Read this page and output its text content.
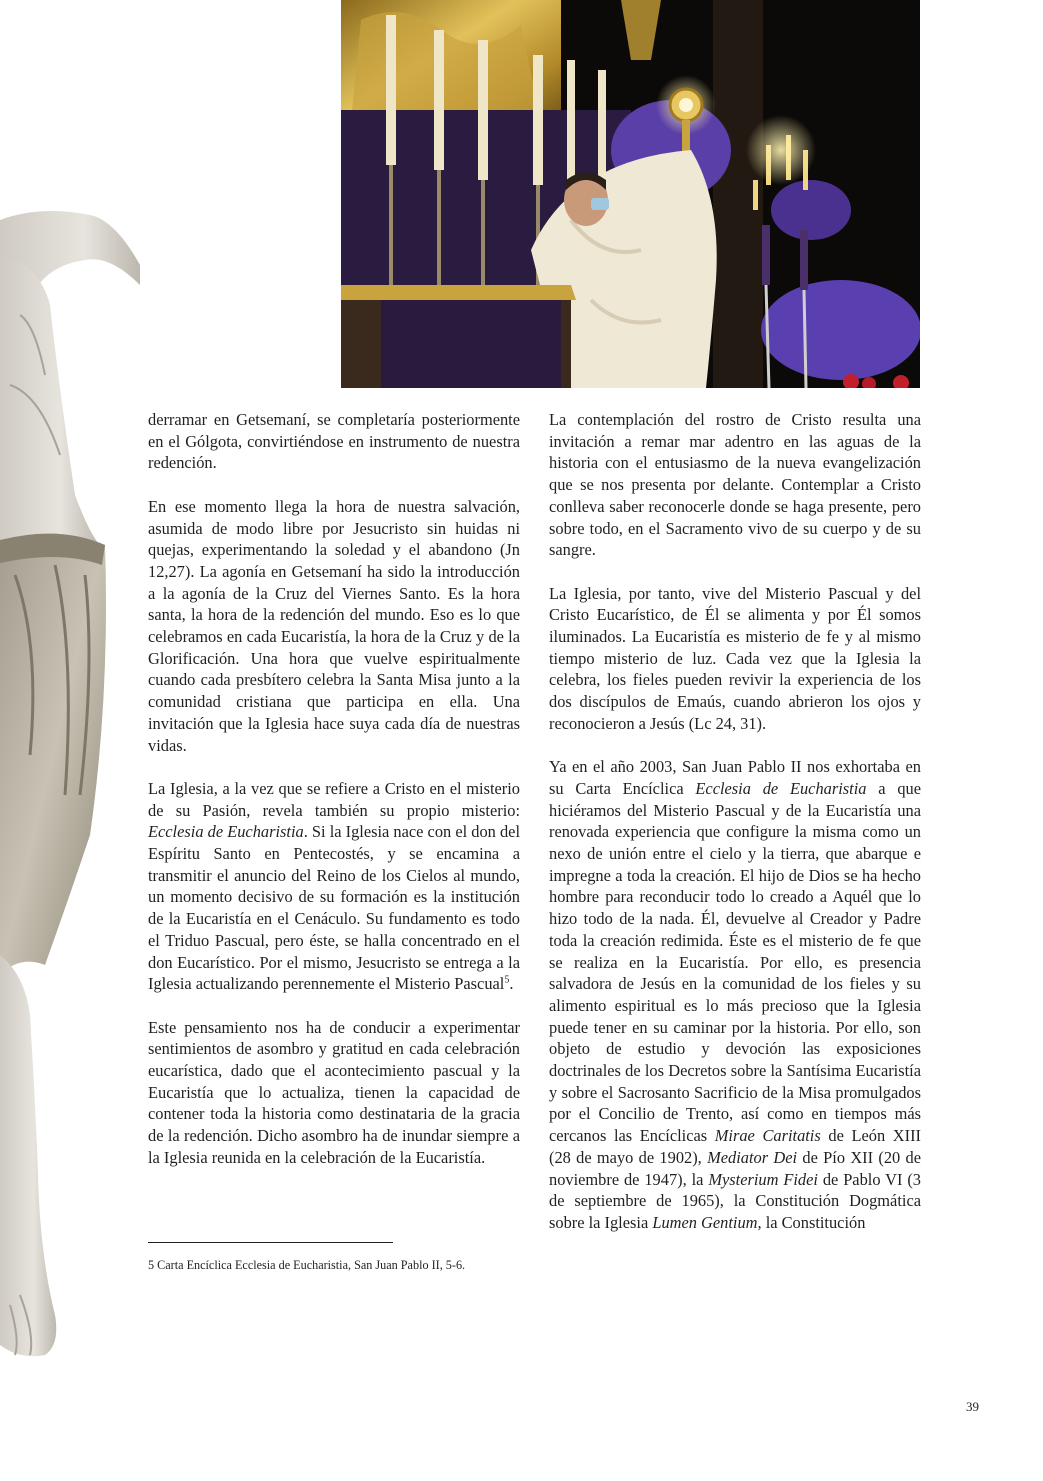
derramar en Getsemaní, se completaría posteriormente en el Gólgota, convirtiéndose en instrumento de nuestra redención.

En ese momento llega la hora de nuestra salvación, asumida de modo libre por Jesucristo sin huidas ni quejas, experimentando la soledad y el abandono (Jn 12,27). La agonía en Getsemaní ha sido la introducción a la agonía de la Cruz del Viernes Santo. Es la hora santa, la hora de la redención del mundo. Eso es lo que celebramos en cada Eucaristía, la hora de la Cruz y de la Glorificación. Una hora que vuelve espiritualmente cuando cada presbítero celebra la Santa Misa junto a la comunidad cristiana que participa en ella. Una invitación que la Iglesia hace suya cada día de nuestras vidas.

La Iglesia, a la vez que se refiere a Cristo en el misterio de su Pasión, revela también su propio misterio: Ecclesia de Eucharistia. Si la Iglesia nace con el don del Espíritu Santo en Pentecostés, y se encamina a transmitir el anuncio del Reino de los Cielos al mundo, un momento decisivo de su formación es la institución de la Eucaristía en el Cenáculo. Su fundamento es todo el Triduo Pascual, pero éste, se halla concentrado en el don Eucarístico. Por el mismo, Jesucristo se entrega a la Iglesia actualizando perennemente el Misterio Pascual$^5$.

Este pensamiento nos ha de conducir a experimentar sentimientos de asombro y gratitud en cada celebración eucarística, dado que el acontecimiento pascual y la Eucaristía que lo actualiza, tienen la capacidad de contener toda la historia como destinataria de la gracia de la redención. Dicho asombro ha de inundar siempre a la Iglesia reunida en la celebración de la Eucaristía.

La contemplación del rostro de Cristo resulta una invitación a remar mar adentro en las aguas de la historia con el entusiasmo de la nueva evangelización que se nos presenta por delante. Contemplar a Cristo conlleva saber reconocerle donde se haga presente, pero sobre todo, en el Sacramento vivo de su cuerpo y de su sangre.

La Iglesia, por tanto, vive del Misterio Pascual y del Cristo Eucarístico, de Él se alimenta y por Él somos iluminados. La Eucaristía es misterio de fe y al mismo tiempo misterio de luz. Cada vez que la Iglesia la celebra, los fieles pueden revivir la experiencia de los dos discípulos de Emaús, cuando abrieron los ojos y reconocieron a Jesús (Lc 24, 31).

Ya en el año 2003, San Juan Pablo II nos exhortaba en su Carta Encíclica Ecclesia de Eucharistia a que hiciéramos del Misterio Pascual y de la Eucaristía una renovada experiencia que configure la misma como un nexo de unión entre el cielo y la tierra, que abarque e impregne a toda la creación. El hijo de Dios se ha hecho hombre para reconducir todo lo creado a Aquél que lo hizo todo de la nada. Él, devuelve al Creador y Padre toda la creación redimida. Éste es el misterio de fe que se realiza en la Eucaristía. Por ello, es presencia salvadora de Jesús en la comunidad de los fieles y su alimento espiritual es lo más precioso que la Iglesia puede tener en su caminar por la historia. Por ello, son objeto de estudio y devoción las exposiciones doctrinales de los Decretos sobre la Santísima Eucaristía y sobre el Sacrosanto Sacrificio de la Misa promulgados por el Concilio de Trento, así como en tiempos más cercanos las Encíclicas Mirae Caritatis de León XIII (28 de mayo de 1902), Mediator Dei de Pío XII (20 de noviembre de 1947), la Mysterium Fidei de Pablo VI (3 de septiembre de 1965), la Constitución Dogmática sobre la Iglesia Lumen Gentium, la Constitución

5 Carta Encíclica Ecclesia de Eucharistia, San Juan Pablo II, 5-6.
39
